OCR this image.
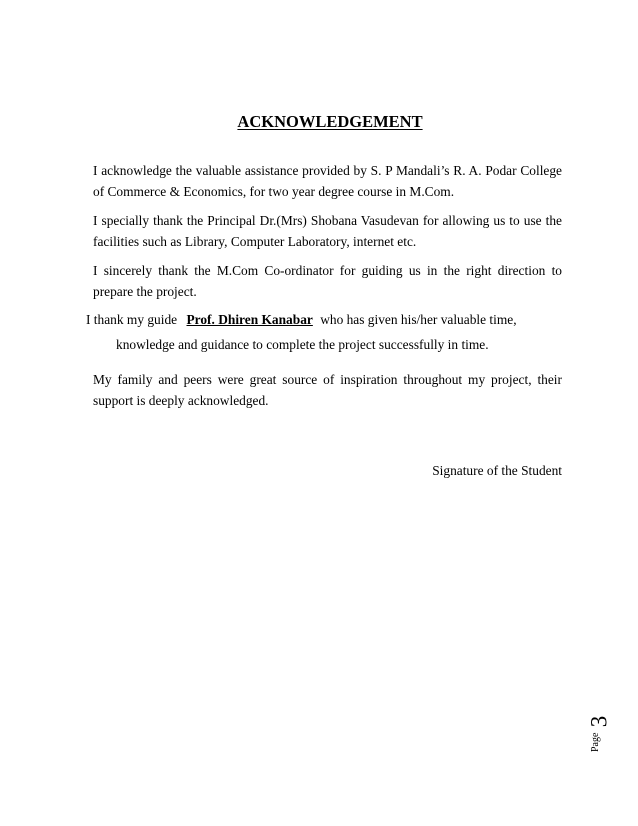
ACKNOWLEDGEMENT
I acknowledge the valuable assistance provided by S. P Mandali’s R. A. Podar College of Commerce & Economics, for two year degree course in M.Com.
I specially thank the Principal Dr.(Mrs) Shobana Vasudevan for allowing us to use the facilities such as Library, Computer Laboratory, internet etc.
I sincerely thank the M.Com Co-ordinator for guiding us in the right direction to prepare the project.
I thank my guide Prof. Dhiren Kanabar who has given his/her valuable time,
knowledge and guidance to complete the project successfully in time.
My family and peers were great source of inspiration throughout my project, their support is deeply acknowledged.
Signature of the Student
Page
3
